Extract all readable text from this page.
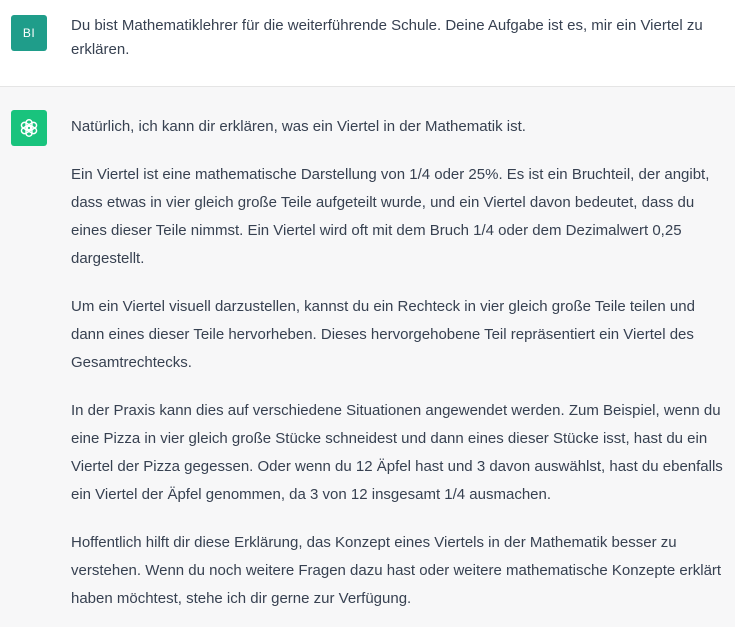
BI Du bist Mathematiklehrer für die weiterführende Schule. Deine Aufgabe ist es, mir ein Viertel zu erklären.

Natürlich, ich kann dir erklären, was ein Viertel in der Mathematik ist.

Ein Viertel ist eine mathematische Darstellung von 1/4 oder 25%. Es ist ein Bruchteil, der angibt, dass etwas in vier gleich große Teile aufgeteilt wurde, und ein Viertel davon bedeutet, dass du eines dieser Teile nimmst. Ein Viertel wird oft mit dem Bruch 1/4 oder dem Dezimalwert 0,25 dargestellt.

Um ein Viertel visuell darzustellen, kannst du ein Rechteck in vier gleich große Teile teilen und dann eines dieser Teile hervorheben. Dieses hervorgehobene Teil repräsentiert ein Viertel des Gesamtrechtecks.

In der Praxis kann dies auf verschiedene Situationen angewendet werden. Zum Beispiel, wenn du eine Pizza in vier gleich große Stücke schneidest und dann eines dieser Stücke isst, hast du ein Viertel der Pizza gegessen. Oder wenn du 12 Äpfel hast und 3 davon auswählst, hast du ebenfalls ein Viertel der Äpfel genommen, da 3 von 12 insgesamt 1/4 ausmachen.

Hoffentlich hilft dir diese Erklärung, das Konzept eines Viertels in der Mathematik besser zu verstehen. Wenn du noch weitere Fragen dazu hast oder weitere mathematische Konzepte erklärt haben möchtest, stehe ich dir gerne zur Verfügung.
